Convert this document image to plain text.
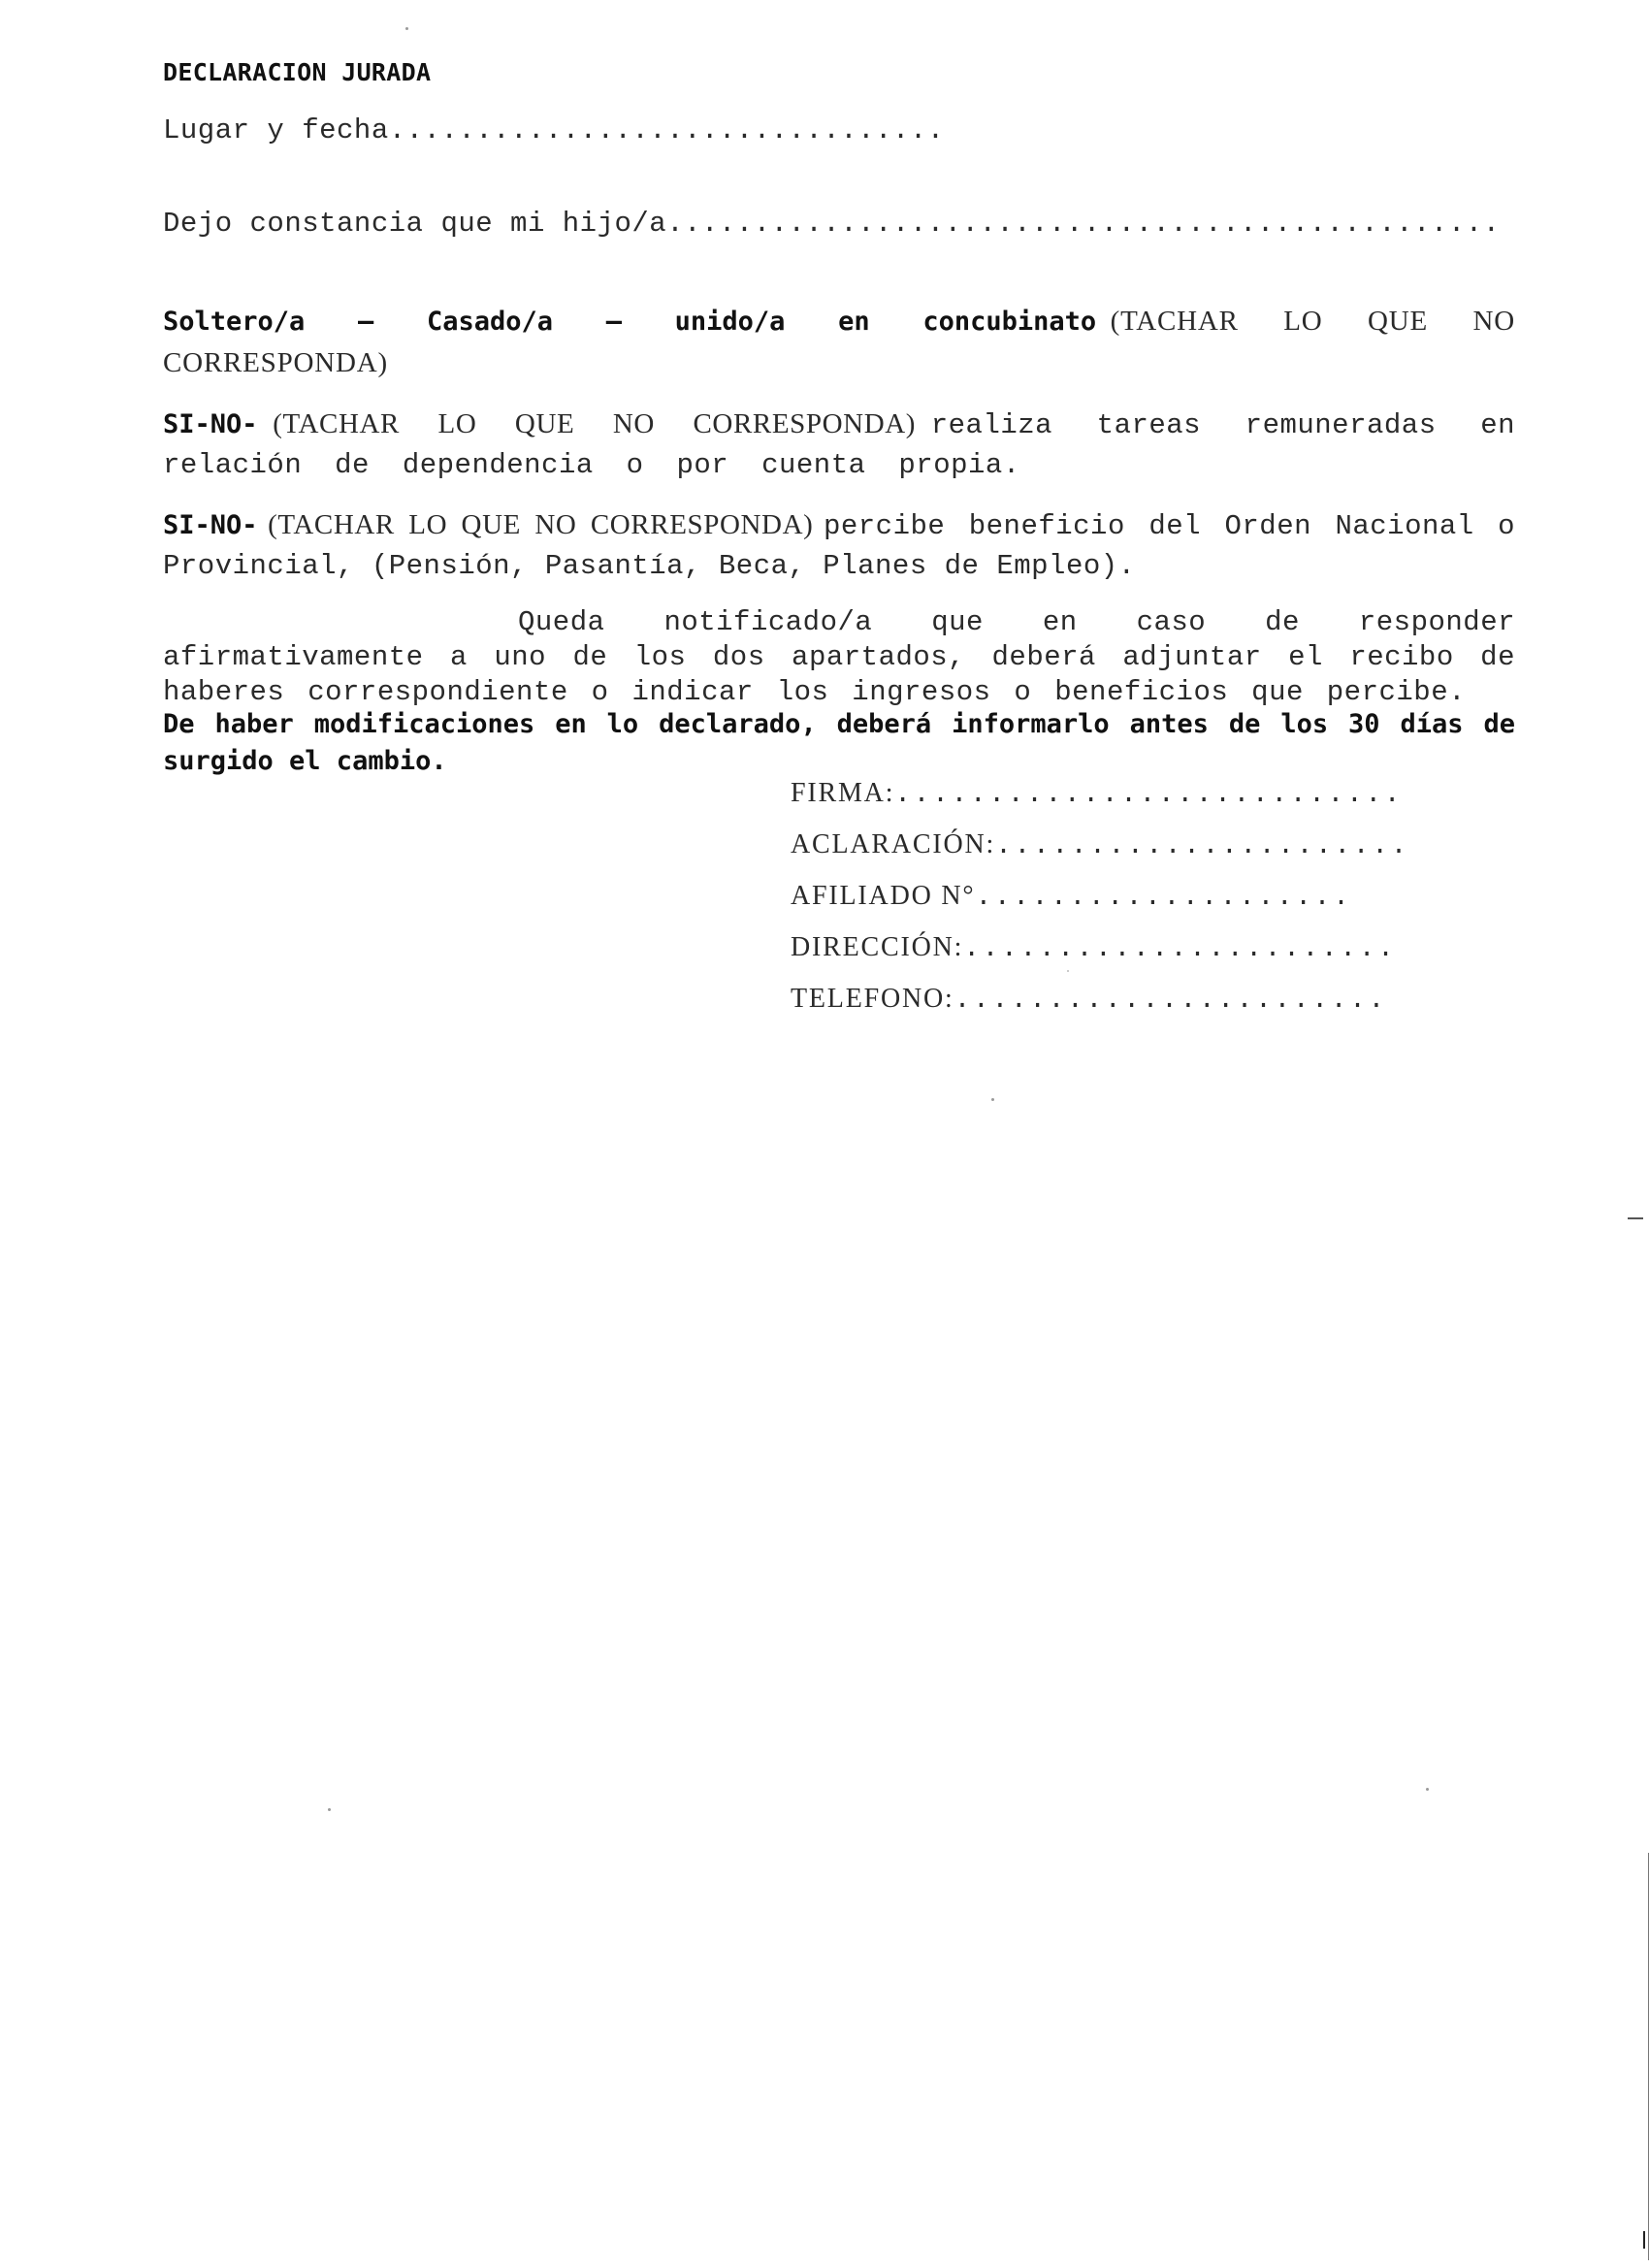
DECLARACION JURADA
Lugar y fecha................................
Dejo constancia que mi hijo/a................................................
Soltero/a – Casado/a – unido/a en concubinato (TACHAR LO QUE NO CORRESPONDA)
SI-NO- (TACHAR LO QUE NO CORRESPONDA) realiza tareas remuneradas en relación de dependencia o por cuenta propia.
SI-NO- (TACHAR LO QUE NO CORRESPONDA) percibe beneficio del Orden Nacional o Provincial, (Pensión, Pasantía, Beca, Planes de Empleo).
Queda notificado/a que en caso de responder afirmativamente a uno de los dos apartados, deberá adjuntar el recibo de haberes correspondiente o indicar los ingresos o beneficios que percibe.
De haber modificaciones en lo declarado, deberá informarlo antes de los 30 días de surgido el cambio.
FIRMA:...........................
ACLARACIÓN:......................
AFILIADO N°....................
DIRECCIÓN:.......................
TELEFONO:.......................
